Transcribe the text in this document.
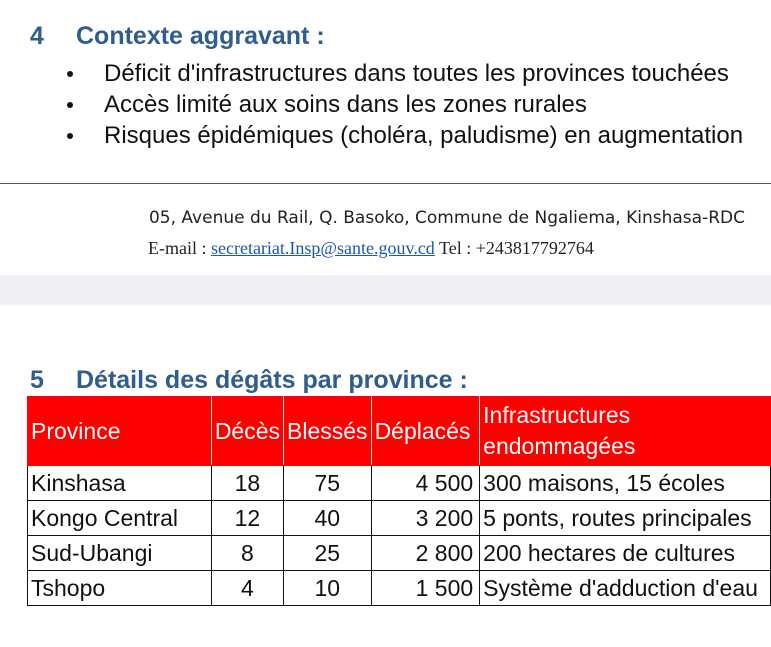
4 Contexte aggravant :
Déficit d'infrastructures dans toutes les provinces touchées
Accès limité aux soins dans les zones rurales
Risques épidémiques (choléra, paludisme) en augmentation
05, Avenue du Rail, Q. Basoko, Commune de Ngaliema, Kinshasa-RDC
E-mail : secretariat.Insp@sante.gouv.cd Tel : +243817792764
5 Détails des dégâts par province :
Province	Décès	Blessés	Déplacés	Infrastructures endommagées
Kinshasa	18	75	4 500	300 maisons, 15 écoles
Kongo Central	12	40	3 200	5 ponts, routes principales
Sud-Ubangi	8	25	2 800	200 hectares de cultures
Tshopo	4	10	1 500	Système d'adduction d'eau
